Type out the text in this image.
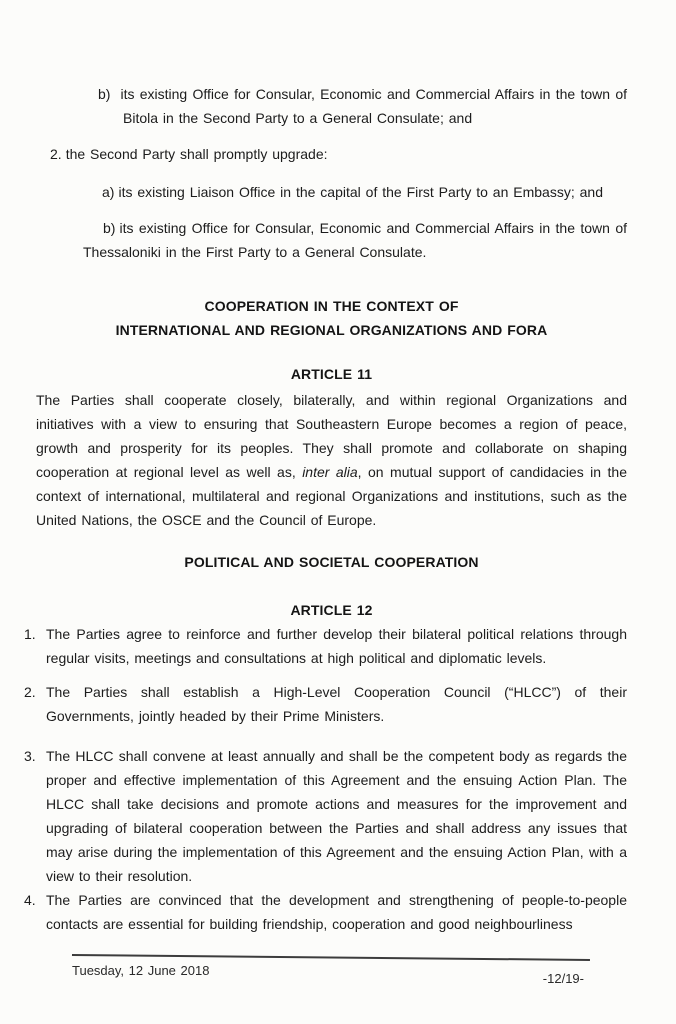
b) its existing Office for Consular, Economic and Commercial Affairs in the town of Bitola in the Second Party to a General Consulate; and
2. the Second Party shall promptly upgrade:
a) its existing Liaison Office in the capital of the First Party to an Embassy; and
b) its existing Office for Consular, Economic and Commercial Affairs in the town of Thessaloniki in the First Party to a General Consulate.
COOPERATION IN THE CONTEXT OF
INTERNATIONAL AND REGIONAL ORGANIZATIONS AND FORA
ARTICLE 11
The Parties shall cooperate closely, bilaterally, and within regional Organizations and initiatives with a view to ensuring that Southeastern Europe becomes a region of peace, growth and prosperity for its peoples. They shall promote and collaborate on shaping cooperation at regional level as well as, inter alia, on mutual support of candidacies in the context of international, multilateral and regional Organizations and institutions, such as the United Nations, the OSCE and the Council of Europe.
POLITICAL AND SOCIETAL COOPERATION
ARTICLE 12
1. The Parties agree to reinforce and further develop their bilateral political relations through regular visits, meetings and consultations at high political and diplomatic levels.
2. The Parties shall establish a High-Level Cooperation Council (“HLCC”) of their Governments, jointly headed by their Prime Ministers.
3. The HLCC shall convene at least annually and shall be the competent body as regards the proper and effective implementation of this Agreement and the ensuing Action Plan. The HLCC shall take decisions and promote actions and measures for the improvement and upgrading of bilateral cooperation between the Parties and shall address any issues that may arise during the implementation of this Agreement and the ensuing Action Plan, with a view to their resolution.
4. The Parties are convinced that the development and strengthening of people-to-people contacts are essential for building friendship, cooperation and good neighbourliness
Tuesday, 12 June 2018
-12/19-
